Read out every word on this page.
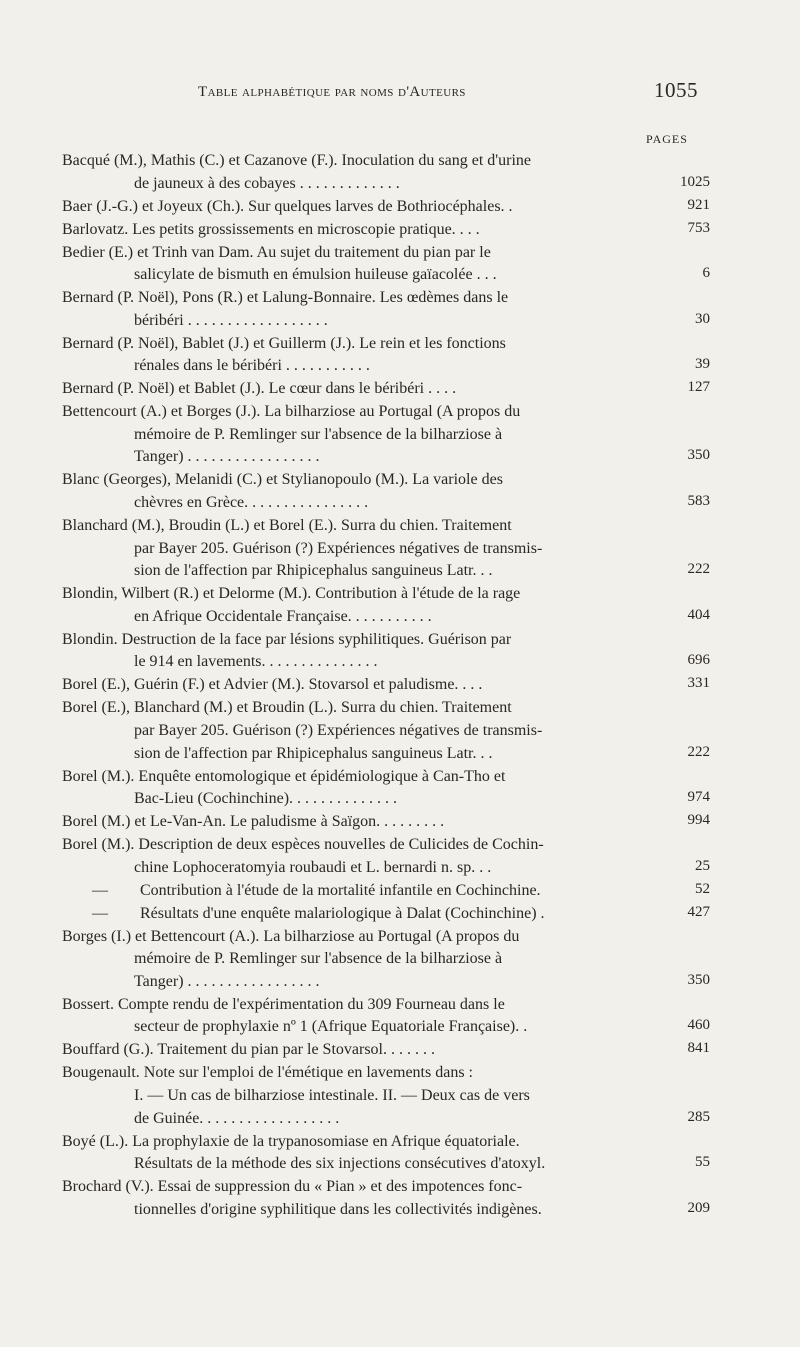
Table alphabétique par noms d'Auteurs	1055
PAGES
Bacqué (M.), Mathis (C.) et Cazanove (F.). Inoculation du sang et d'urine
de jauneux à des cobayes . . . . . . . . . . . . .	1025
Baer (J.-G.) et Joyeux (Ch.). Sur quelques larves de Bothriocéphales. .	921
Barlovatz. Les petits grossissements en microscopie pratique. . . .	753
Bedier (E.) et Trinh van Dam. Au sujet du traitement du pian par le
salicylate de bismuth en émulsion huileuse gaïacolée . . .	6
Bernard (P. Noël), Pons (R.) et Lalung-Bonnaire. Les œdèmes dans le
béribéri . . . . . . . . . . . . . . . . . .	30
Bernard (P. Noël), Bablet (J.) et Guillerm (J.). Le rein et les fonctions
rénales dans le béribéri . . . . . . . . . . .	39
Bernard (P. Noël) et Bablet (J.). Le cœur dans le béribéri . . . .	127
Bettencourt (A.) et Borges (J.). La bilharziose au Portugal (A propos du
mémoire de P. Remlinger sur l'absence de la bilharziose à
Tanger) . . . . . . . . . . . . . . . . .	350
Blanc (Georges), Melanidi (C.) et Stylianopoulo (M.). La variole des
chèvres en Grèce. . . . . . . . . . . . . . . .	583
Blanchard (M.), Broudin (L.) et Borel (E.). Surra du chien. Traitement
par Bayer 205. Guérison (?) Expériences négatives de transmis-
sion de l'affection par Rhipicephalus sanguineus Latr. . .	222
Blondin, Wilbert (R.) et Delorme (M.). Contribution à l'étude de la rage
en Afrique Occidentale Française. . . . . . . . . . .	404
Blondin. Destruction de la face par lésions syphilitiques. Guérison par
le 914 en lavements. . . . . . . . . . . . . . .	696
Borel (E.), Guérin (F.) et Advier (M.). Stovarsol et paludisme. . . .	331
Borel (E.), Blanchard (M.) et Broudin (L.). Surra du chien. Traitement
par Bayer 205. Guérison (?) Expériences négatives de transmis-
sion de l'affection par Rhipicephalus sanguineus Latr. . .	222
Borel (M.). Enquête entomologique et épidémiologique à Can-Tho et
Bac-Lieu (Cochinchine). . . . . . . . . . . . . .	974
Borel (M.) et Le-Van-An. Le paludisme à Saïgon. . . . . . . . .	994
Borel (M.). Description de deux espèces nouvelles de Culicides de Cochin-
chine Lophoceratomyia roubaudi et L. bernardi n. sp. . .	25
— Contribution à l'étude de la mortalité infantile en Cochinchine.	52
— Résultats d'une enquête malariologique à Dalat (Cochinchine) .	427
Borges (I.) et Bettencourt (A.). La bilharziose au Portugal (A propos du
mémoire de P. Remlinger sur l'absence de la bilharziose à
Tanger) . . . . . . . . . . . . . . . . .	350
Bossert. Compte rendu de l'expérimentation du 309 Fourneau dans le
secteur de prophylaxie nº 1 (Afrique Equatoriale Française). .	460
Bouffard (G.). Traitement du pian par le Stovarsol. . . . . . .	841
Bougenault. Note sur l'emploi de l'émétique en lavements dans :
I. — Un cas de bilharziose intestinale. II. — Deux cas de vers
de Guinée. . . . . . . . . . . . . . . . . .	285
Boyé (L.). La prophylaxie de la trypanosomiase en Afrique équatoriale.
Résultats de la méthode des six injections consécutives d'atoxyl.	55
Brochard (V.). Essai de suppression du « Pian » et des impotences fonc-
tionnelles d'origine syphilitique dans les collectivités indigènes.	209
